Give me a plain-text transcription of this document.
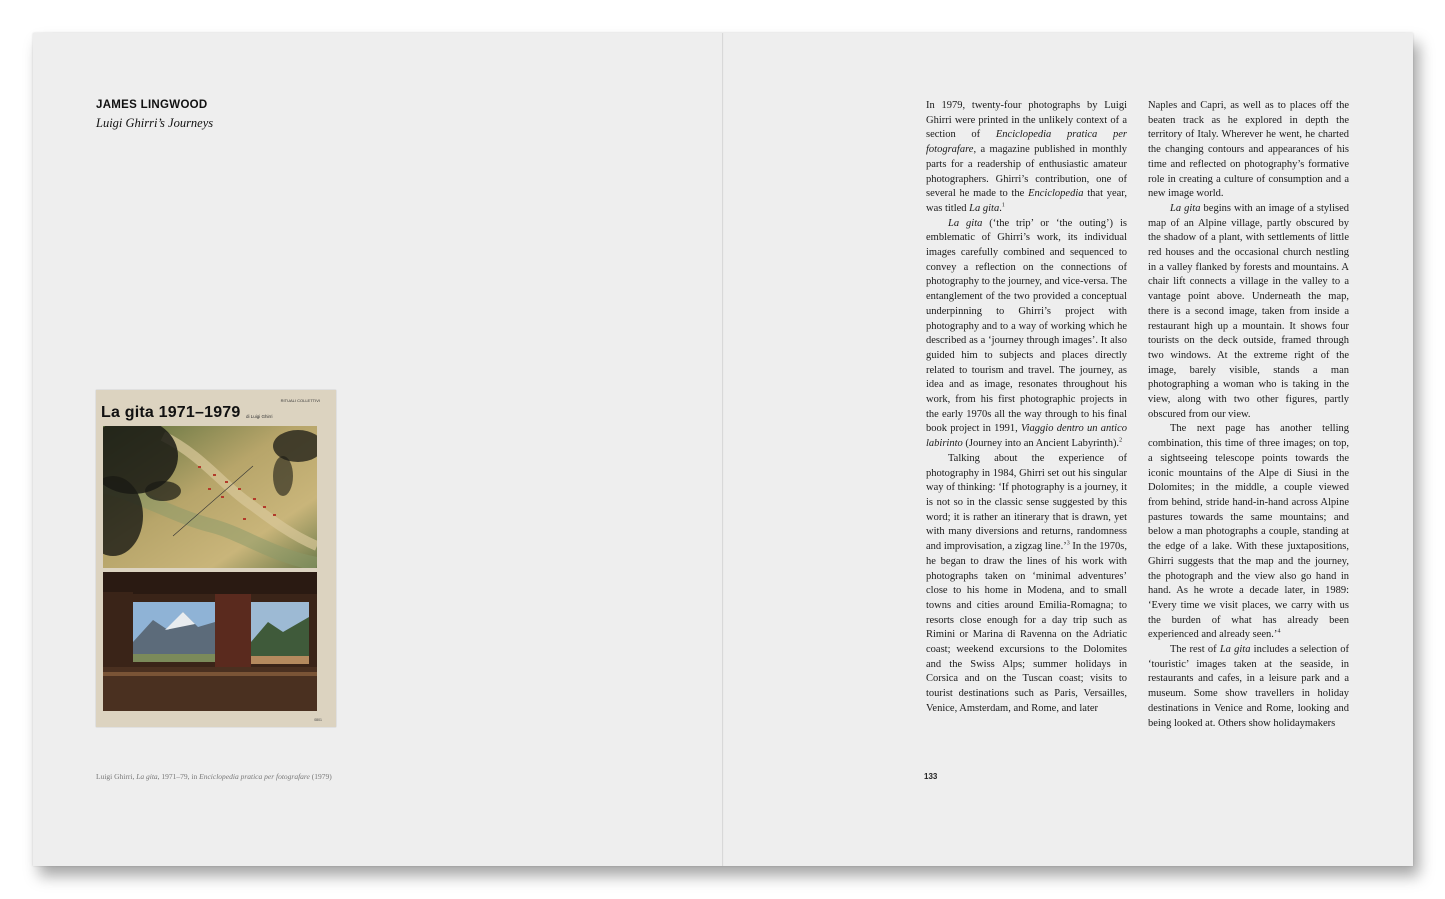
JAMES LINGWOOD
Luigi Ghirri’s Journeys
RITUALI COLLETTIVI
La gita 1971–1979 di Luigi Ghirri
0801
Luigi Ghirri, La gita, 1971–79, in Enciclopedia pratica per fotografare (1979)

In 1979, twenty-four photographs by Luigi Ghirri were printed in the unlikely context of a section of Enciclopedia pratica per fotografare, a magazine published in monthly parts for a readership of enthusiastic amateur photographers. Ghirri’s contribution, one of several he made to the Enciclopedia that year, was titled La gita.$^1$

La gita (‘the trip’ or ‘the outing’) is emblematic of Ghirri’s work, its individual images carefully combined and sequenced to convey a reflection on the connections of photography to the journey, and vice-versa. The entanglement of the two provided a conceptual underpinning to Ghirri’s project with photography and to a way of working which he described as a ‘journey through images’. It also guided him to subjects and places directly related to tourism and travel. The journey, as idea and as image, resonates throughout his work, from his first photographic projects in the early 1970s all the way through to his final book project in 1991, Viaggio dentro un antico labirinto (Journey into an Ancient Labyrinth).$^2$

Talking about the experience of photography in 1984, Ghirri set out his singular way of thinking: ‘If photography is a journey, it is not so in the classic sense suggested by this word; it is rather an itinerary that is drawn, yet with many diversions and returns, randomness and improvisation, a zigzag line.’$^3$ In the 1970s, he began to draw the lines of his work with photographs taken on ‘minimal adventures’ close to his home in Modena, and to small towns and cities around Emilia-Romagna; to resorts close enough for a day trip such as Rimini or Marina di Ravenna on the Adriatic coast; weekend excursions to the Dolomites and the Swiss Alps; summer holidays in Corsica and on the Tuscan coast; visits to tourist destinations such as Paris, Versailles, Venice, Amsterdam, and Rome, and later

Naples and Capri, as well as to places off the beaten track as he explored in depth the territory of Italy. Wherever he went, he charted the changing contours and appearances of his time and reflected on photography’s formative role in creating a culture of consumption and a new image world.

La gita begins with an image of a stylised map of an Alpine village, partly obscured by the shadow of a plant, with settlements of little red houses and the occasional church nestling in a valley flanked by forests and mountains. A chair lift connects a village in the valley to a vantage point above. Underneath the map, there is a second image, taken from inside a restaurant high up a mountain. It shows four tourists on the deck outside, framed through two windows. At the extreme right of the image, barely visible, stands a man photographing a woman who is taking in the view, along with two other figures, partly obscured from our view.

The next page has another telling combination, this time of three images; on top, a sightseeing telescope points towards the iconic mountains of the Alpe di Siusi in the Dolomites; in the middle, a couple viewed from behind, stride hand-in-hand across Alpine pastures towards the same mountains; and below a man photographs a couple, standing at the edge of a lake. With these juxtapositions, Ghirri suggests that the map and the journey, the photograph and the view also go hand in hand. As he wrote a decade later, in 1989: ‘Every time we visit places, we carry with us the burden of what has already been experienced and already seen.’$^4$

The rest of La gita includes a selection of ‘touristic’ images taken at the seaside, in restaurants and cafes, in a leisure park and a museum. Some show travellers in holiday destinations in Venice and Rome, looking and being looked at. Others show holidaymakers

133
